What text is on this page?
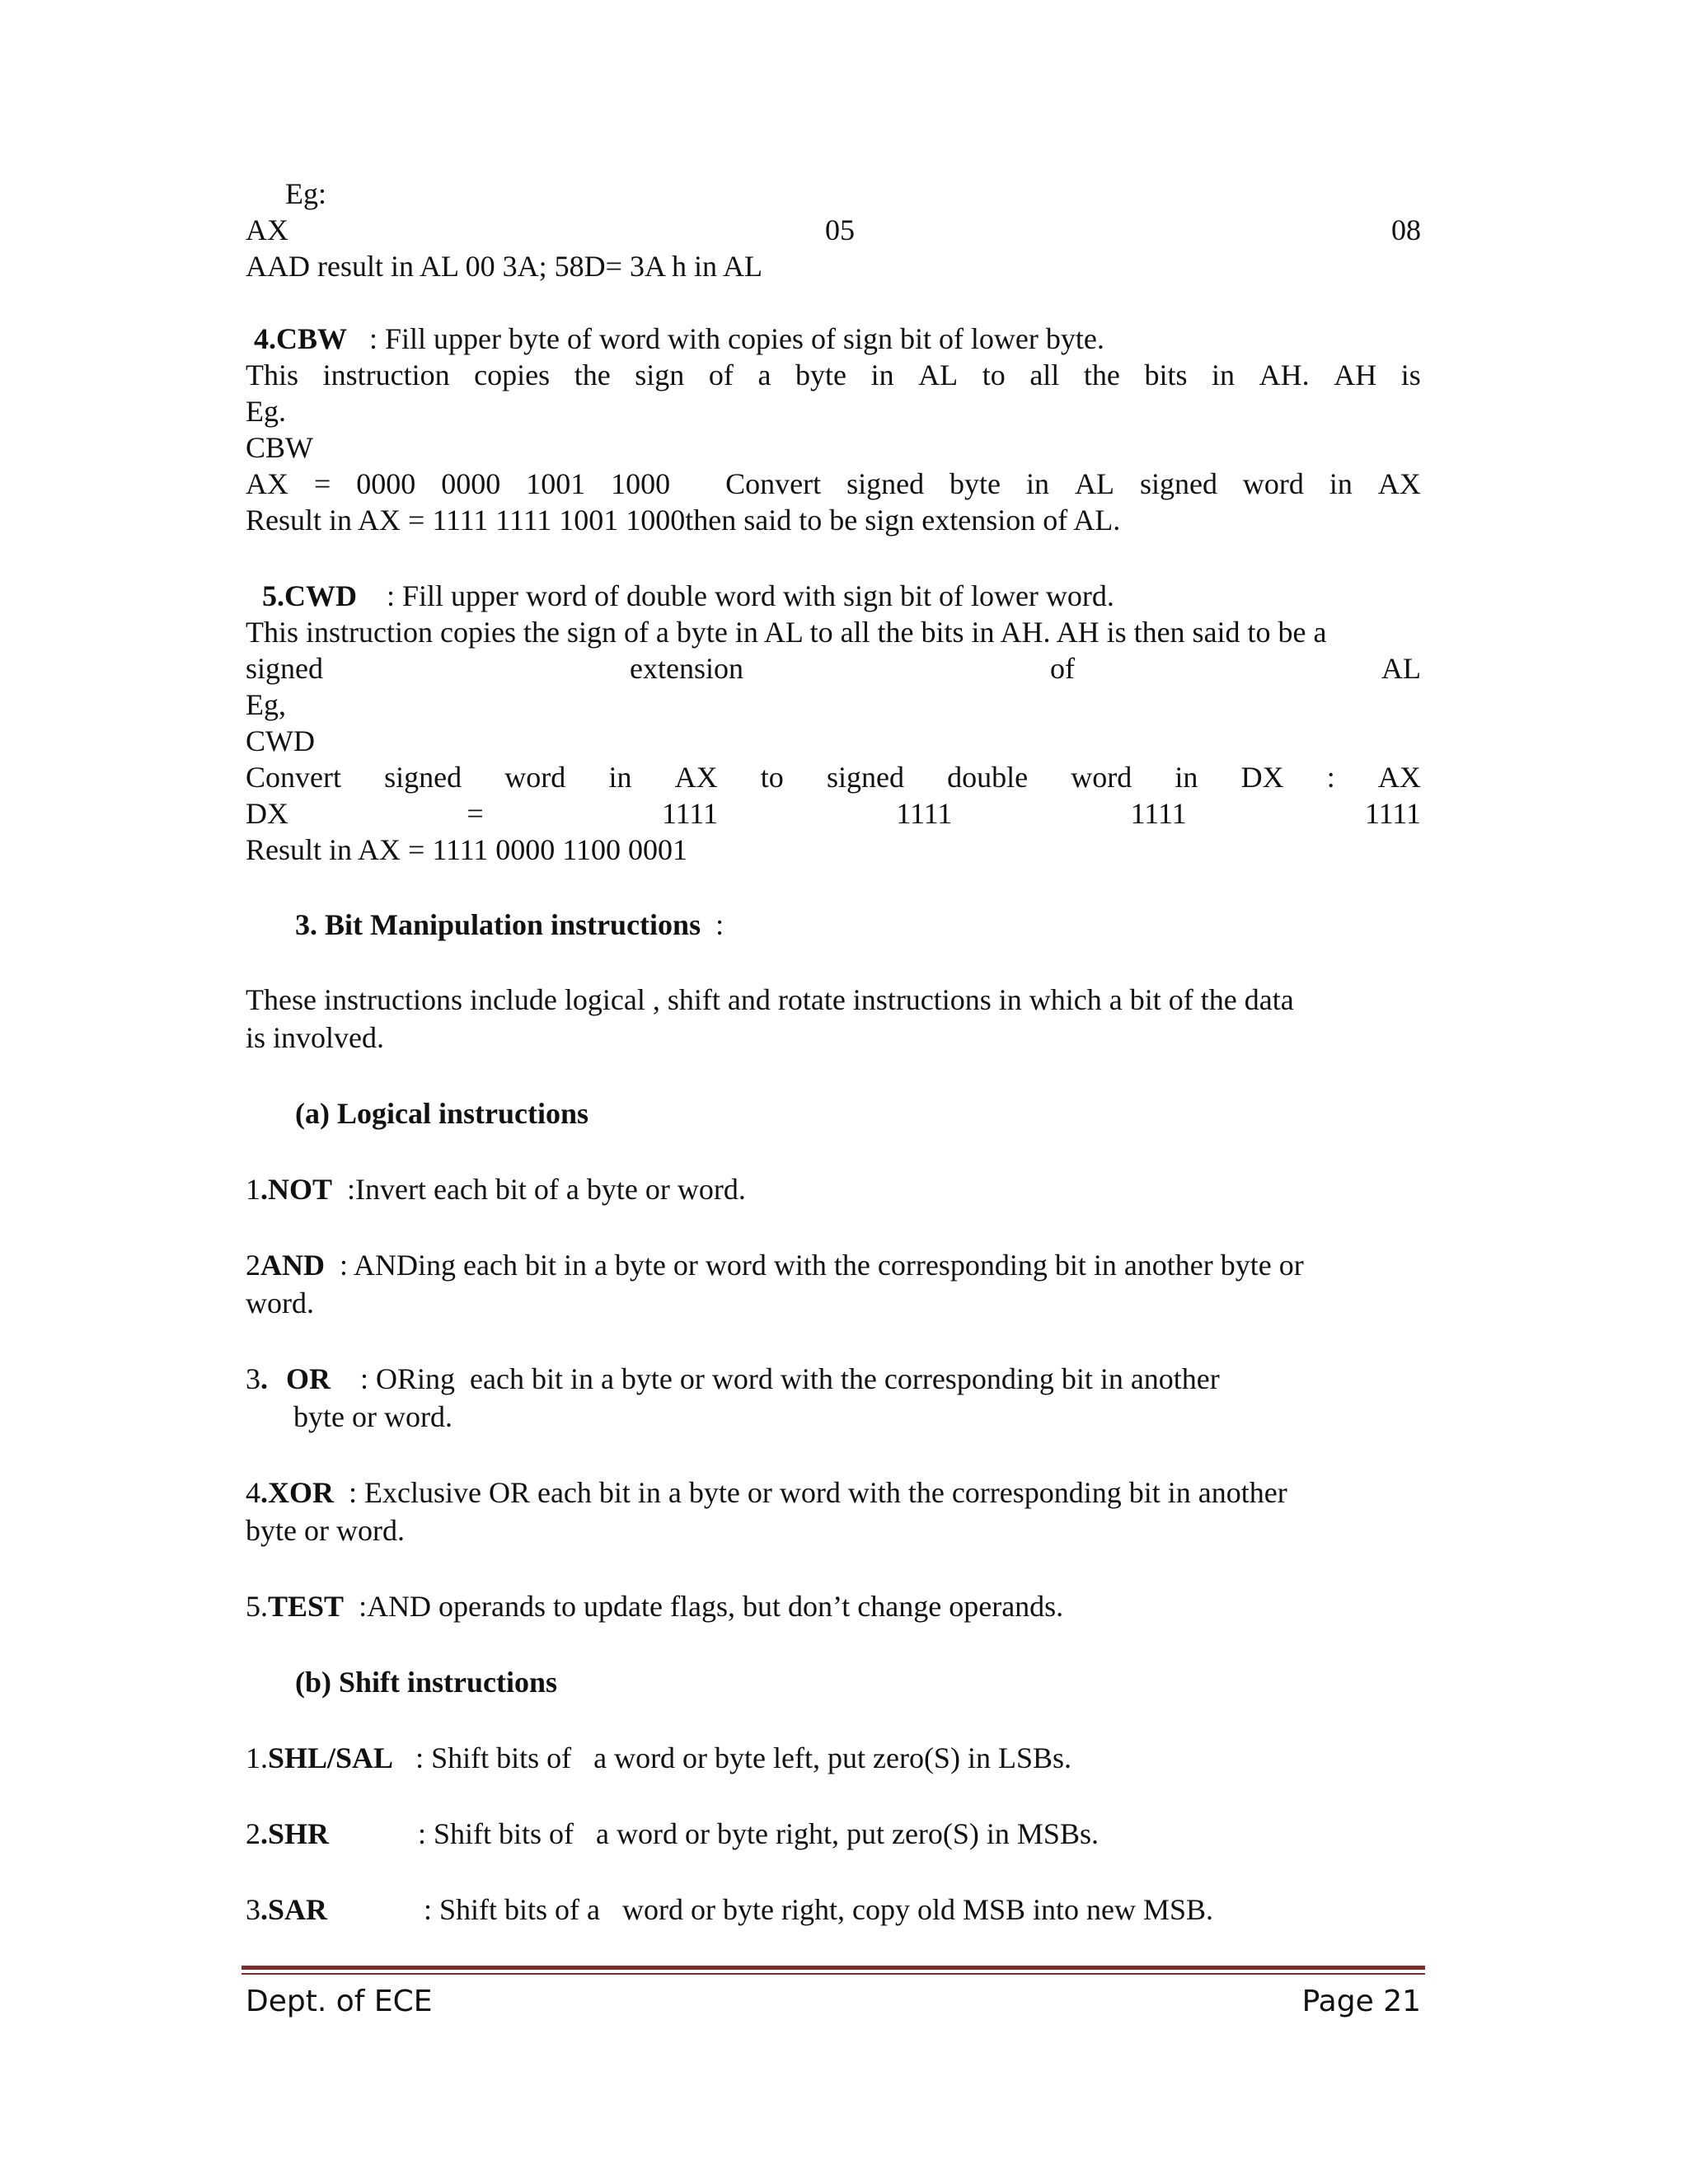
Eg:
AX	05	08
AAD result in AL 00 3A; 58D= 3A h in AL
4.CBW   : Fill upper byte of word with copies of sign bit of lower byte.
This instruction copies the sign of a byte in AL to all the bits in AH. AH is
Eg.
CBW
AX = 0000 0000 1001 1000 Convert signed byte in AL signed word in AX
Result in AX = 1111 1111 1001 1000then said to be sign extension of AL.
5.CWD    : Fill upper word of double word with sign bit of lower word.
This instruction copies the sign of a byte in AL to all the bits in AH. AH is then said to be a
signed	extension	of	AL
Eg,
CWD
Convert signed word in AX to signed double word in DX : AX
DX	=	1111	1111	1111	1111
Result in AX = 1111 0000 1100 0001
3. Bit Manipulation instructions  :
These instructions include logical , shift and rotate instructions in which a bit of the data
is involved.
(a) Logical instructions
1.NOT  :Invert each bit of a byte or word.
2AND  : ANDing each bit in a byte or word with the corresponding bit in another byte or
word.
3. OR    : ORing  each bit in a byte or word with the corresponding bit in another
byte or word.
4.XOR  : Exclusive OR each bit in a byte or word with the corresponding bit in another
byte or word.
5.TEST  :AND operands to update flags, but don’t change operands.
(b) Shift instructions
1.SHL/SAL   : Shift bits of   a word or byte left, put zero(S) in LSBs.
2.SHR            : Shift bits of   a word or byte right, put zero(S) in MSBs.
3.SAR             : Shift bits of a   word or byte right, copy old MSB into new MSB.
Dept. of ECE	Page 21
